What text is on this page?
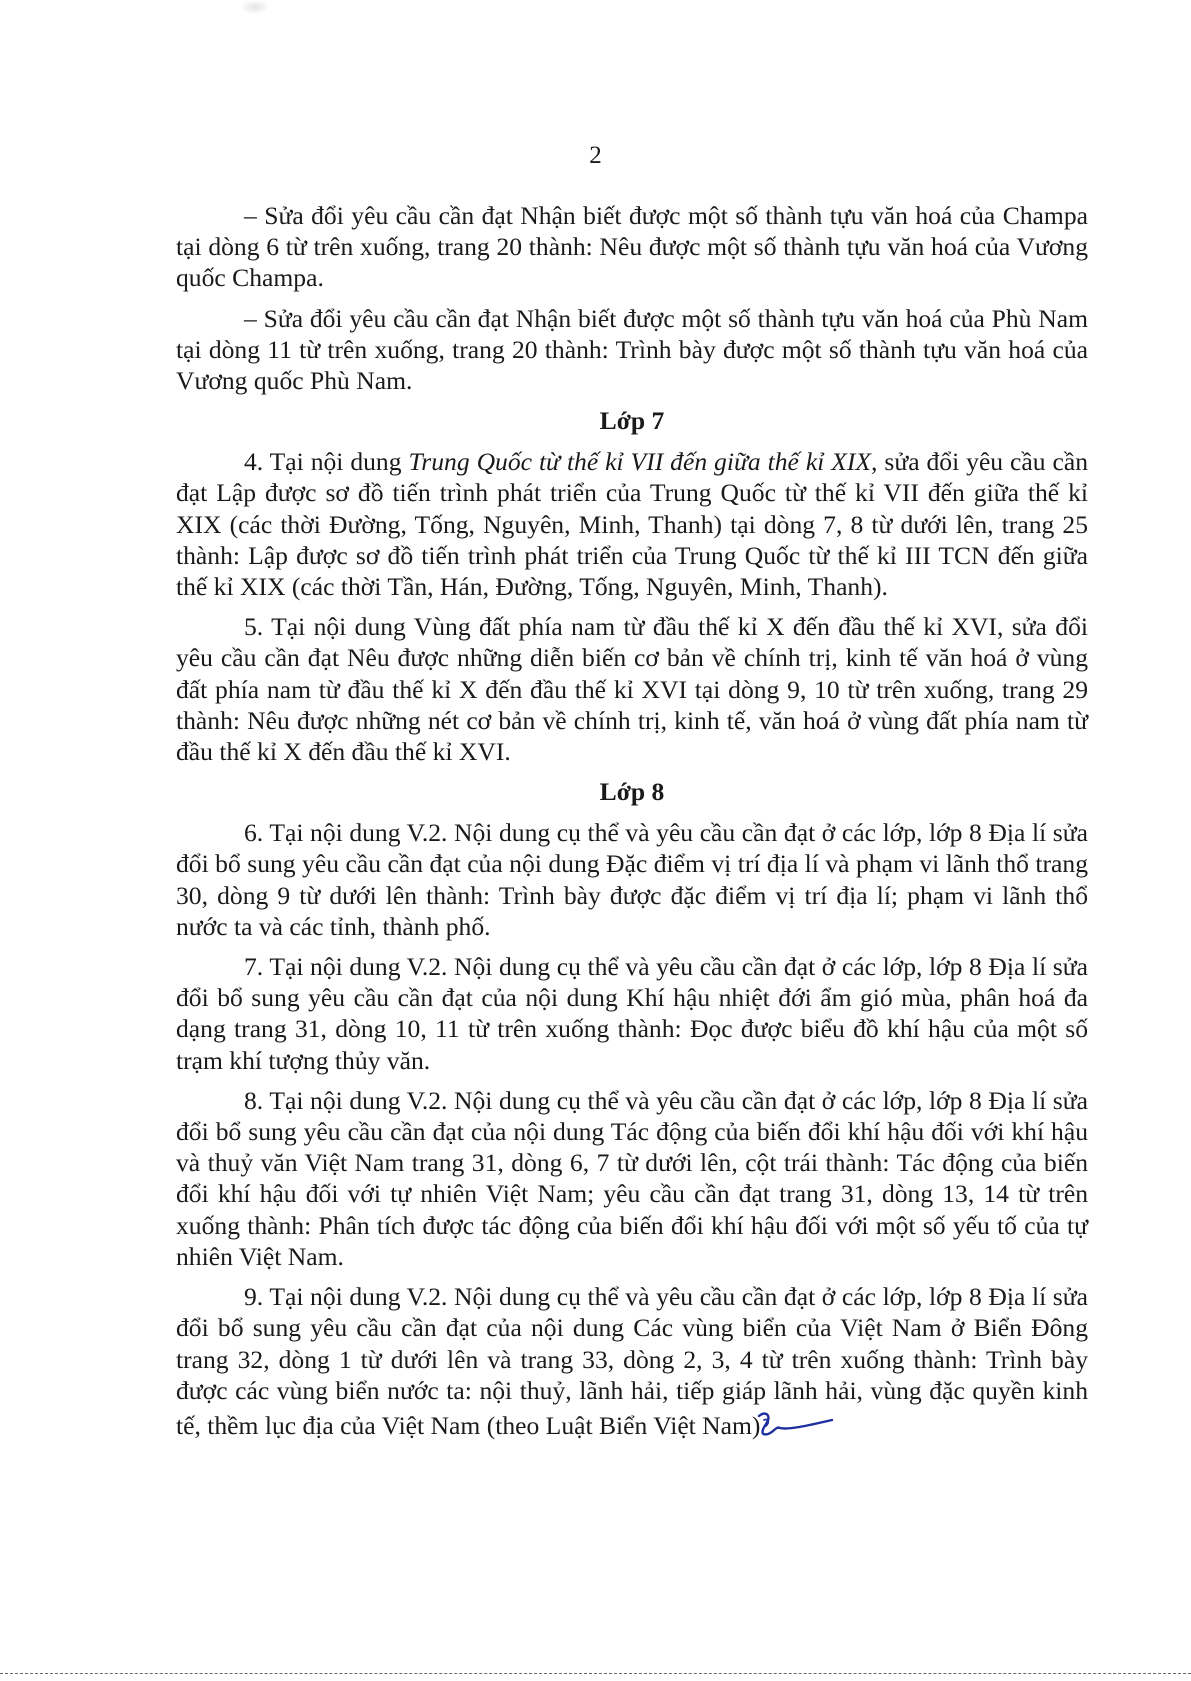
2

– Sửa đổi yêu cầu cần đạt Nhận biết được một số thành tựu văn hoá của Champa tại dòng 6 từ trên xuống, trang 20 thành: Nêu được một số thành tựu văn hoá của Vương quốc Champa.

– Sửa đổi yêu cầu cần đạt Nhận biết được một số thành tựu văn hoá của Phù Nam tại dòng 11 từ trên xuống, trang 20 thành: Trình bày được một số thành tựu văn hoá của Vương quốc Phù Nam.

Lớp 7

4. Tại nội dung Trung Quốc từ thế kỉ VII đến giữa thế kỉ XIX, sửa đổi yêu cầu cần đạt Lập được sơ đồ tiến trình phát triển của Trung Quốc từ thế kỉ VII đến giữa thế kỉ XIX (các thời Đường, Tống, Nguyên, Minh, Thanh) tại dòng 7, 8 từ dưới lên, trang 25 thành: Lập được sơ đồ tiến trình phát triển của Trung Quốc từ thế kỉ III TCN đến giữa thế kỉ XIX (các thời Tần, Hán, Đường, Tống, Nguyên, Minh, Thanh).

5. Tại nội dung Vùng đất phía nam từ đầu thế kỉ X đến đầu thế kỉ XVI, sửa đổi yêu cầu cần đạt Nêu được những diễn biến cơ bản về chính trị, kinh tế văn hoá ở vùng đất phía nam từ đầu thế kỉ X đến đầu thế kỉ XVI tại dòng 9, 10 từ trên xuống, trang 29 thành: Nêu được những nét cơ bản về chính trị, kinh tế, văn hoá ở vùng đất phía nam từ đầu thế kỉ X đến đầu thế kỉ XVI.

Lớp 8

6. Tại nội dung V.2. Nội dung cụ thể và yêu cầu cần đạt ở các lớp, lớp 8 Địa lí sửa đổi bổ sung yêu cầu cần đạt của nội dung Đặc điểm vị trí địa lí và phạm vi lãnh thổ trang 30, dòng 9 từ dưới lên thành: Trình bày được đặc điểm vị trí địa lí; phạm vi lãnh thổ nước ta và các tỉnh, thành phố.

7. Tại nội dung V.2. Nội dung cụ thể và yêu cầu cần đạt ở các lớp, lớp 8 Địa lí sửa đổi bổ sung yêu cầu cần đạt của nội dung Khí hậu nhiệt đới ẩm gió mùa, phân hoá đa dạng trang 31, dòng 10, 11 từ trên xuống thành: Đọc được biểu đồ khí hậu của một số trạm khí tượng thủy văn.

8. Tại nội dung V.2. Nội dung cụ thể và yêu cầu cần đạt ở các lớp, lớp 8 Địa lí sửa đổi bổ sung yêu cầu cần đạt của nội dung Tác động của biến đổi khí hậu đối với khí hậu và thuỷ văn Việt Nam trang 31, dòng 6, 7 từ dưới lên, cột trái thành: Tác động của biến đổi khí hậu đối với tự nhiên Việt Nam; yêu cầu cần đạt trang 31, dòng 13, 14 từ trên xuống thành: Phân tích được tác động của biến đổi khí hậu đối với một số yếu tố của tự nhiên Việt Nam.

9. Tại nội dung V.2. Nội dung cụ thể và yêu cầu cần đạt ở các lớp, lớp 8 Địa lí sửa đổi bổ sung yêu cầu cần đạt của nội dung Các vùng biển của Việt Nam ở Biển Đông trang 32, dòng 1 từ dưới lên và trang 33, dòng 2, 3, 4 từ trên xuống thành: Trình bày được các vùng biển nước ta: nội thuỷ, lãnh hải, tiếp giáp lãnh hải, vùng đặc quyền kinh tế, thềm lục địa của Việt Nam (theo Luật Biển Việt Nam)
